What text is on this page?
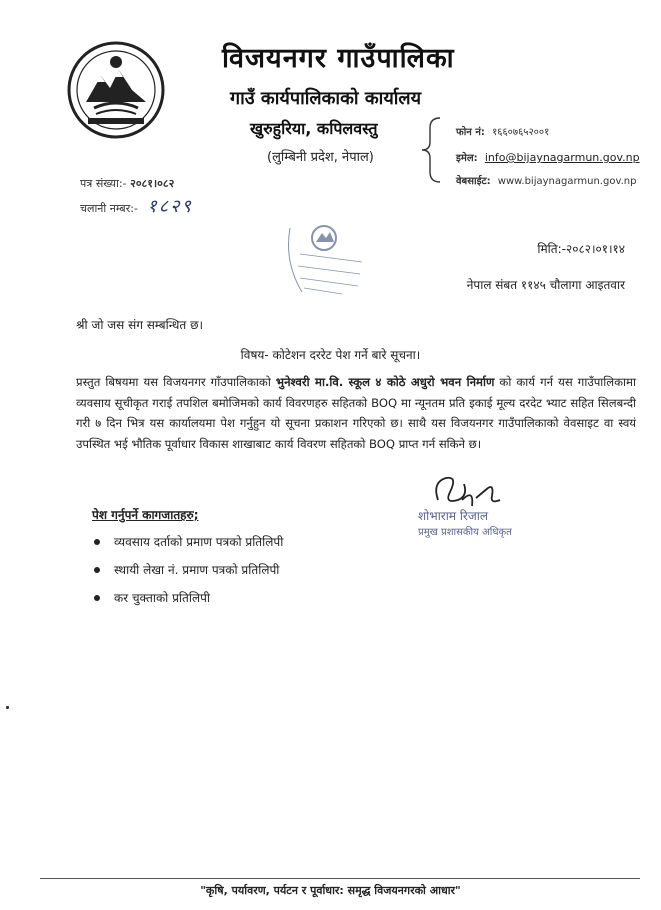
विजयनगर गाउँपालिका
गाउँ कार्यपालिकाको कार्यालय
खुरुहुरिया, कपिलवस्तु
(लुम्बिनी प्रदेश, नेपाल)
फोन नं: १६६०७६५२००१
इमेल: info@bijaynagarmun.gov.np
वेबसाईट: www.bijaynagarmun.gov.np
पत्र संख्या:- २०८१।०८२
चलानी नम्बर:- १८२९
मिति:-२०८२।०१।१४
नेपाल संबत ११४५ चौलागा आइतवार
श्री जो जस संग सम्बन्धित छ।
विषय- कोटेशन दररेट पेश गर्ने बारे सूचना।
प्रस्तुत बिषयमा यस विजयनगर गाँउपालिकाको भुनेश्वरी मा.वि. स्कूल ४ कोठे अधुरो भवन निर्माण को कार्य गर्न यस गाउँपालिकामा व्यवसाय सूचीकृत गराई तपशिल बमोजिमको कार्य विवरणहरु सहितको BOQ मा न्यूनतम प्रति इकाई मूल्य दरदेट भ्याट सहित सिलबन्दी गरी ७ दिन भित्र यस कार्यालयमा पेश गर्नुहुन यो सूचना प्रकाशन गरिएको छ। साथै यस विजयनगर गाउँपालिकाको वेवसाइट वा स्वयं उपस्थित भई भौतिक पूर्वाधार विकास शाखाबाट कार्य विवरण सहितको BOQ प्राप्त गर्न सकिने छ।
शोभाराम रिजाल
प्रमुख प्रशासकीय अधिकृत
पेश गर्नुपर्ने कागजातहरु;
व्यवसाय दर्ताको प्रमाण पत्रको प्रतिलिपी
स्थायी लेखा नं. प्रमाण पत्रको प्रतिलिपी
कर चुक्ताको प्रतिलिपी
"कृषि, पर्यावरण, पर्यटन र पूर्वाधार: समृद्ध विजयनगरको आधार"
